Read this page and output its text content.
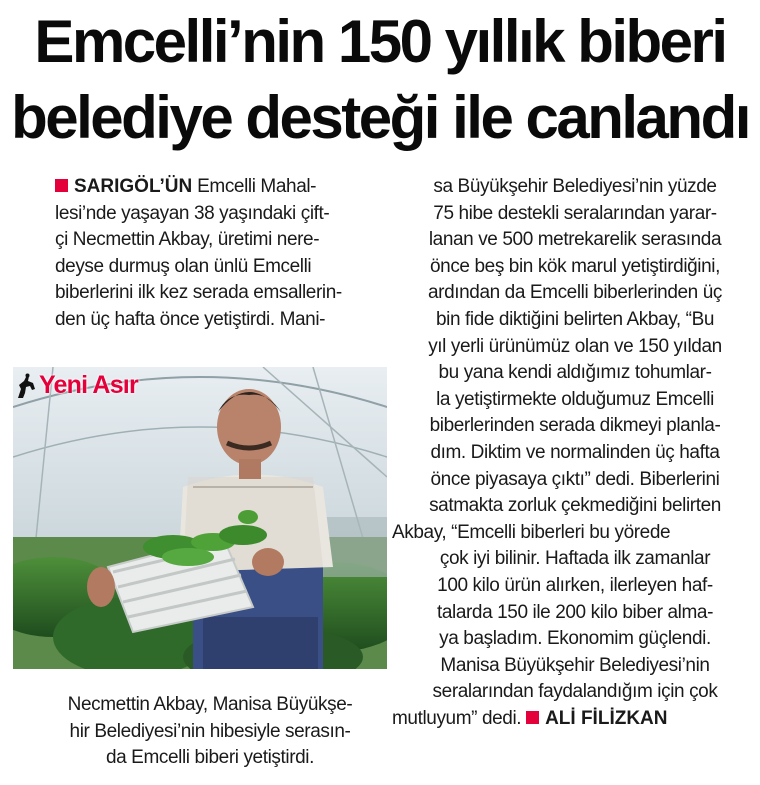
Emcelli’nin 150 yıllık biberi
belediye desteği ile canlandı
SARIGÖL’ÜN Emcelli Mahal-
lesi’nde yaşayan 38 yaşındaki çift-
çi Necmettin Akbay, üretimi nere-
deyse durmuş olan ünlü Emcelli
biberlerini ilk kez serada emsallerin-
den üç hafta önce yetiştirdi. Mani-
Yeni Asır
Necmettin Akbay, Manisa Büyükşe-
hir Belediyesi’nin hibesiyle serasın-
da Emcelli biberi yetiştirdi.
sa Büyükşehir Belediyesi’nin yüzde
75 hibe destekli seralarından yarar-
lanan ve 500 metrekarelik serasında
önce beş bin kök marul yetiştirdiğini,
ardından da Emcelli biberlerinden üç
bin fide diktiğini belirten Akbay, “Bu
yıl yerli ürünümüz olan ve 150 yıldan
bu yana kendi aldığımız tohumlar-
la yetiştirmekte olduğumuz Emcelli
biberlerinden serada dikmeyi planla-
dım. Diktim ve normalinden üç hafta
önce piyasaya çıktı” dedi. Biberlerini
satmakta zorluk çekmediğini belirten
Akbay, “Emcelli biberleri bu yörede
çok iyi bilinir. Haftada ilk zamanlar
100 kilo ürün alırken, ilerleyen haf-
talarda 150 ile 200 kilo biber alma-
ya başladım. Ekonomim güçlendi.
Manisa Büyükşehir Belediyesi’nin
seralarından faydalandığım için çok
mutluyum” dedi. ALİ FİLİZKAN
